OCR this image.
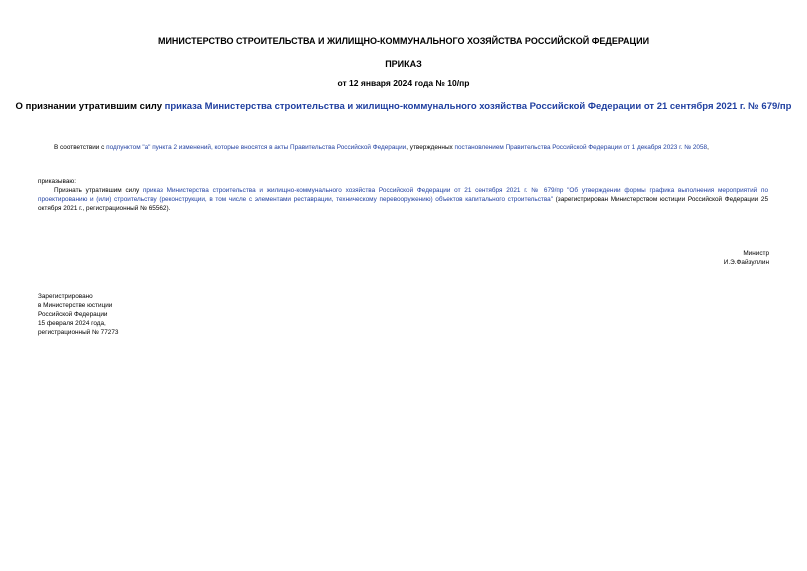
МИНИСТЕРСТВО СТРОИТЕЛЬСТВА И ЖИЛИЩНО-КОММУНАЛЬНОГО ХОЗЯЙСТВА РОССИЙСКОЙ ФЕДЕРАЦИИ
ПРИКАЗ
от 12 января 2024 года № 10/пр
О признании утратившим силу приказа Министерства строительства и жилищно-коммунального хозяйства Российской Федерации от 21 сентября 2021 г. № 679/пр
В соответствии с подпунктом "а" пункта 2 изменений, которые вносятся в акты Правительства Российской Федерации, утвержденных постановлением Правительства Российской Федерации от 1 декабря 2023 г. № 2058,
приказываю:
Признать утратившим силу приказ Министерства строительства и жилищно-коммунального хозяйства Российской Федерации от 21 сентября 2021 г. № 679/пр "Об утверждении формы графика выполнения мероприятий по проектированию и (или) строительству (реконструкции, в том числе с элементами реставрации, техническому перевооружению) объектов капитального строительства" (зарегистрирован Министерством юстиции Российской Федерации 25 октября 2021 г., регистрационный № 65562).
Министр
И.Э.Файзуллин
Зарегистрировано
в Министерстве юстиции
Российской Федерации
15 февраля 2024 года,
регистрационный № 77273
